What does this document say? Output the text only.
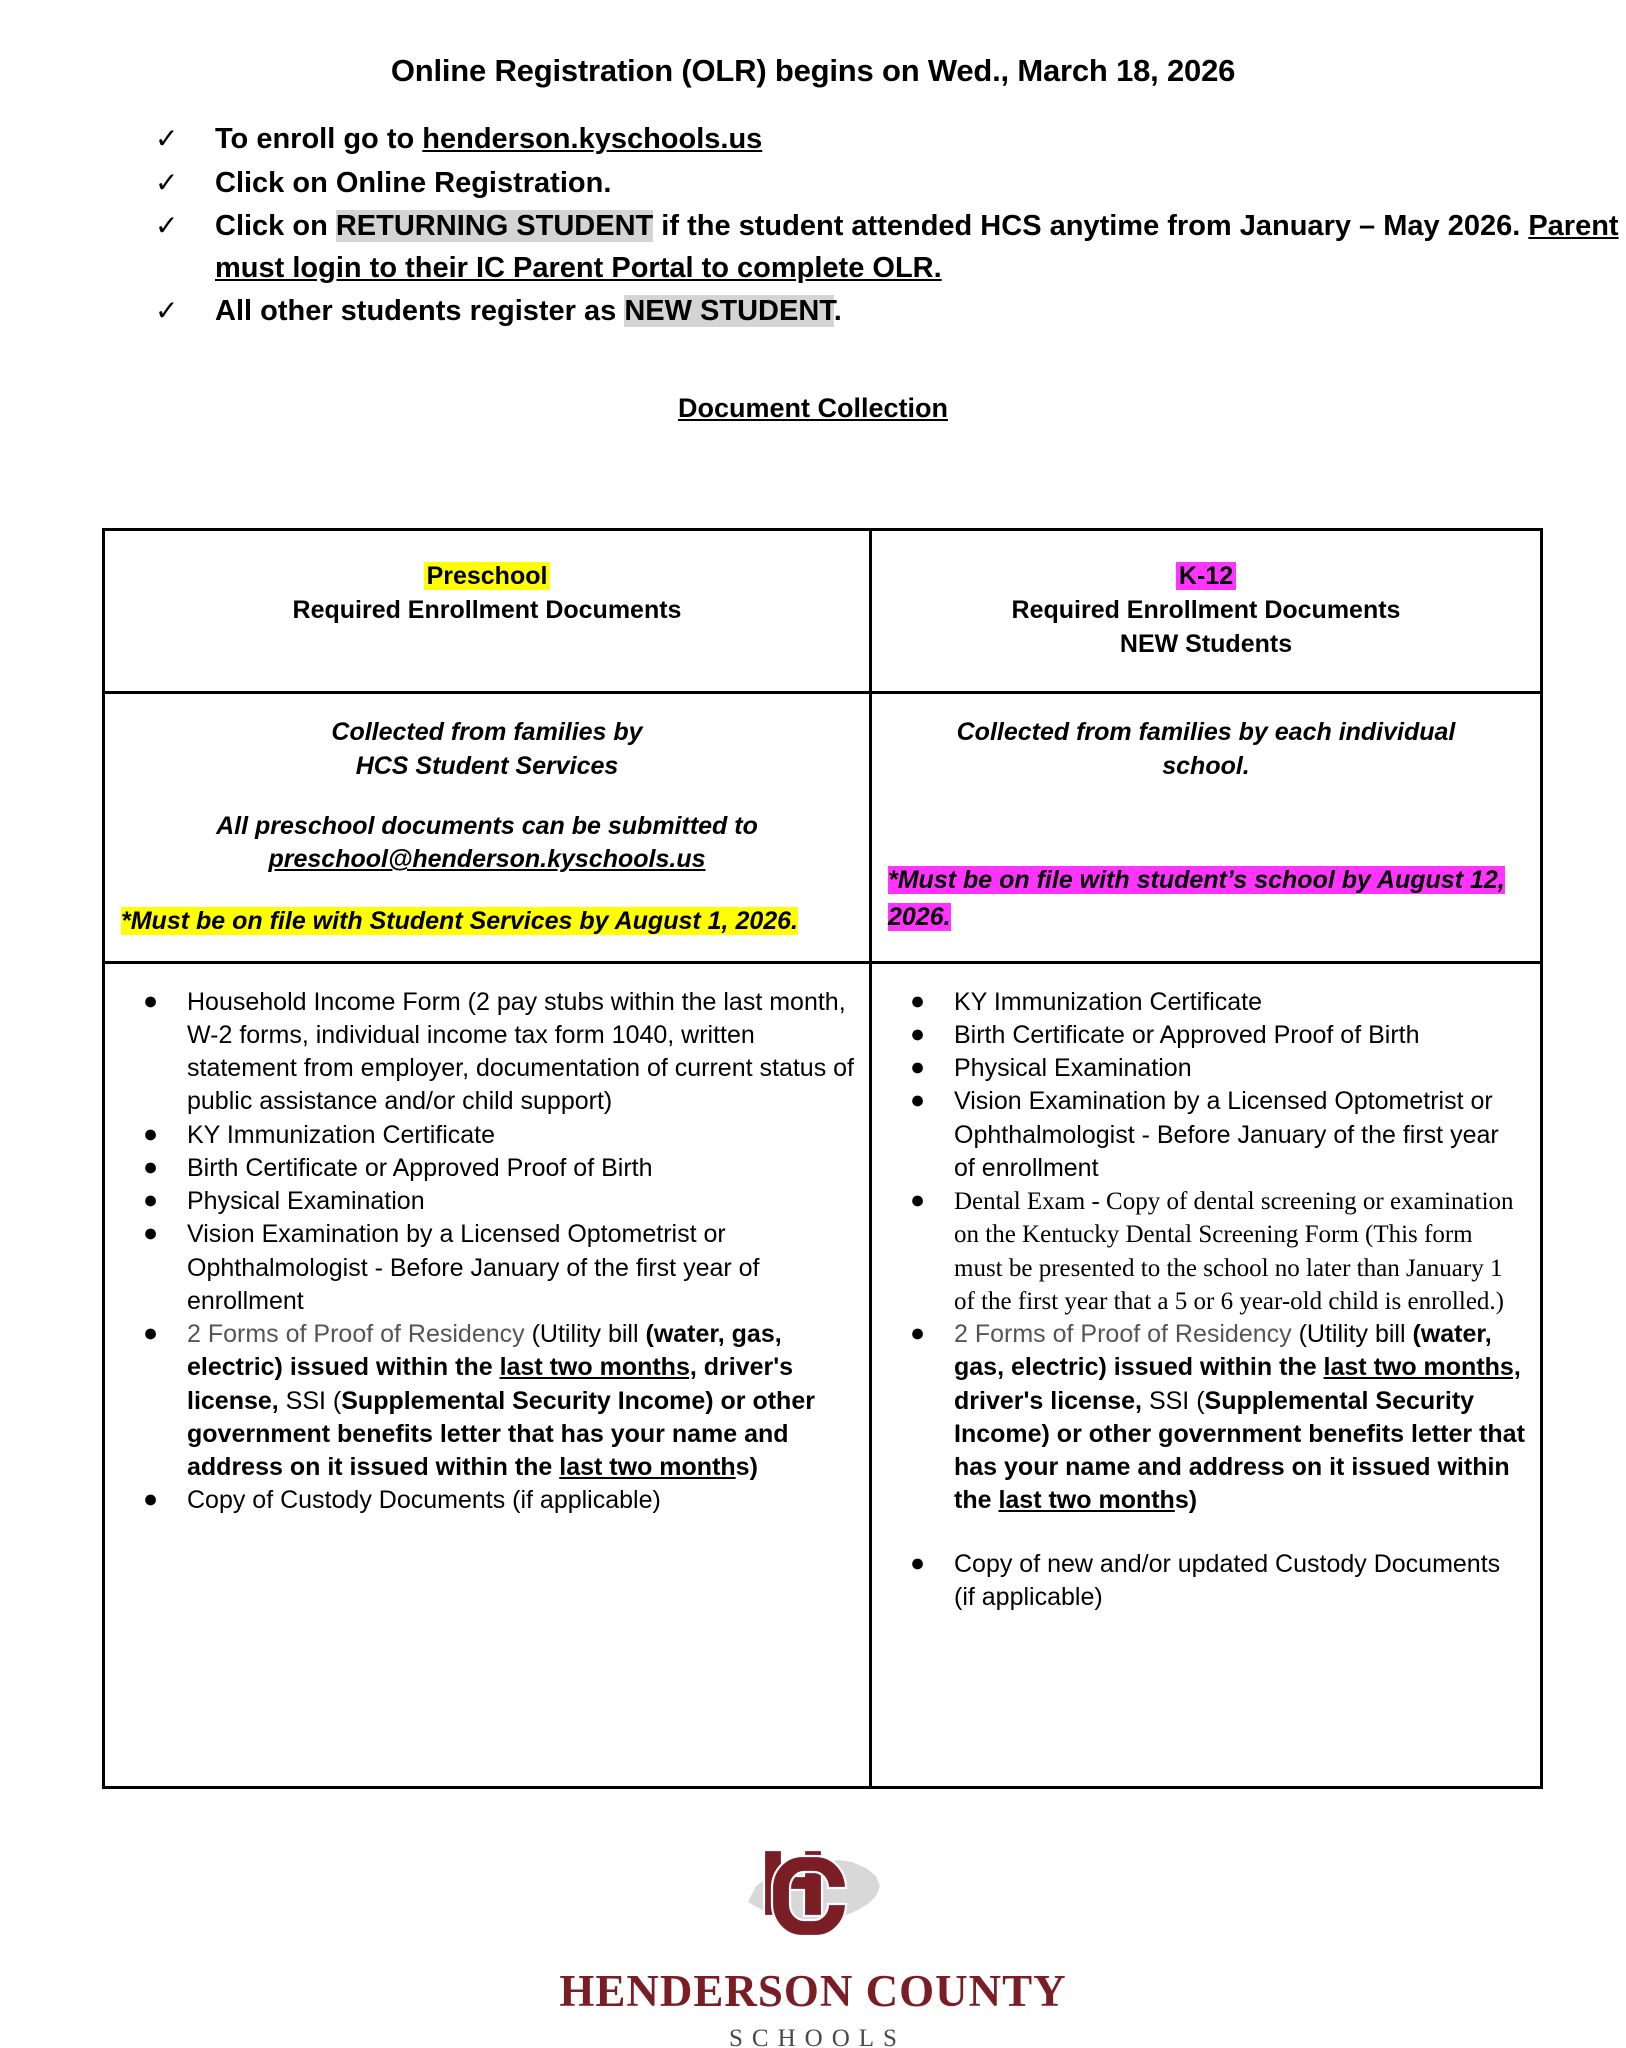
Online Registration (OLR) begins on Wed., March 18, 2026
✓ To enroll go to henderson.kyschools.us
✓ Click on Online Registration.
✓ Click on RETURNING STUDENT if the student attended HCS anytime from January – May 2026. Parent must login to their IC Parent Portal to complete OLR.
✓ All other students register as NEW STUDENT.
Document Collection
Preschool
Required Enrollment Documents

K-12
Required Enrollment Documents
NEW Students

Collected from families by
HCS Student Services
All preschool documents can be submitted to
preschool@henderson.kyschools.us
*Must be on file with Student Services by August 1, 2026.

Collected from families by each individual
school.
*Must be on file with student’s school by August 12, 2026.

● Household Income Form (2 pay stubs within the last month, W-2 forms, individual income tax form 1040, written statement from employer, documentation of current status of public assistance and/or child support)
● KY Immunization Certificate
● Birth Certificate or Approved Proof of Birth
● Physical Examination
● Vision Examination by a Licensed Optometrist or Ophthalmologist - Before January of the first year of enrollment
● 2 Forms of Proof of Residency (Utility bill (water, gas, electric) issued within the last two months, driver's license, SSI (Supplemental Security Income) or other government benefits letter that has your name and address on it issued within the last two months)
● Copy of Custody Documents (if applicable)

● KY Immunization Certificate
● Birth Certificate or Approved Proof of Birth
● Physical Examination
● Vision Examination by a Licensed Optometrist or Ophthalmologist - Before January of the first year of enrollment
● Dental Exam - Copy of dental screening or examination on the Kentucky Dental Screening Form (This form must be presented to the school no later than January 1 of the first year that a 5 or 6 year-old child is enrolled.)
● 2 Forms of Proof of Residency (Utility bill (water, gas, electric) issued within the last two months, driver's license, SSI (Supplemental Security Income) or other government benefits letter that has your name and address on it issued within the last two months)
● Copy of new and/or updated Custody Documents (if applicable)
HENDERSON COUNTY
SCHOOLS
